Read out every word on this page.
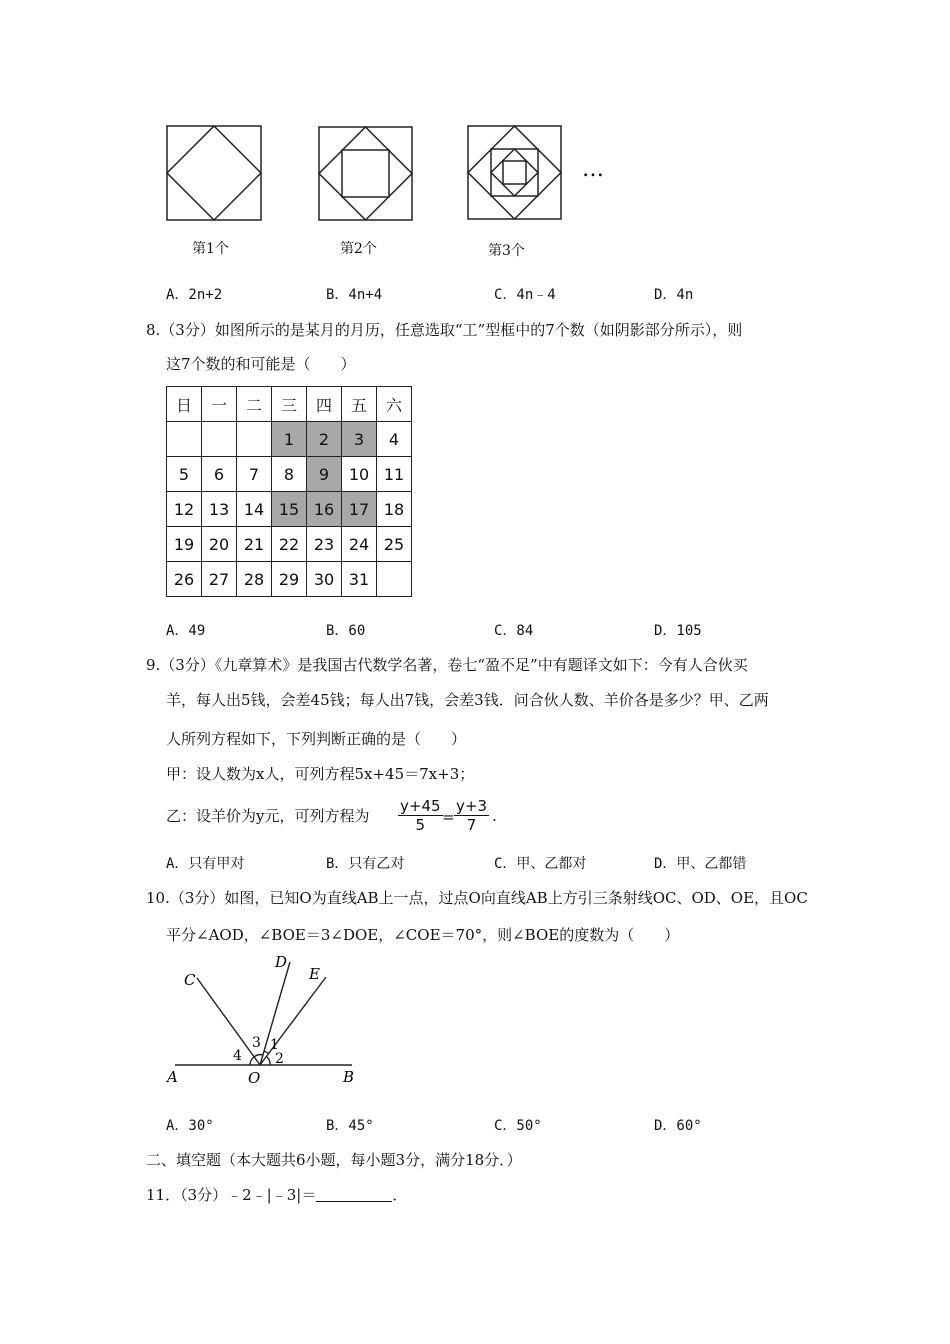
…
第1个	第2个	第3个
A．2n+2	B．4n+4	C．4n﹣4	D．4n
8.（3分）如图所示的是某月的月历，任意选取“工”型框中的7个数（如阴影部分所示），则
这7个数的和可能是（　　）
日	一	二	三	四	五	六
			1	2	3	4
5	6	7	8	9	10	11
12	13	14	15	16	17	18
19	20	21	22	23	24	25
26	27	28	29	30	31	
A．49	B．60	C．84	D．105
9.（3分）《九章算术》是我国古代数学名著，卷七“盈不足”中有题译文如下：今有人合伙买
羊，每人出5钱，会差45钱；每人出7钱，会差3钱．问合伙人数、羊价各是多少？甲、乙两
人所列方程如下，下列判断正确的是（　　）
甲：设人数为x人，可列方程5x+45＝7x+3；
乙：设羊价为y元，可列方程为 $\frac{y+45}{5} = \frac{y+3}{7}$ .
A．只有甲对	B．只有乙对	C．甲、乙都对	D．甲、乙都错
10.（3分）如图，已知O为直线AB上一点，过点O向直线AB上方引三条射线OC、OD、OE，且OC
平分∠AOD，∠BOE＝3∠DOE，∠COE＝70°，则∠BOE的度数为（　　）
C
D
E
A	O	B
1
2
3
4
A．30°	B．45°	C．50°	D．60°
二、填空题（本大题共6小题，每小题3分，满分18分．）
11．（3分）﹣2﹣|﹣3|＝	．
